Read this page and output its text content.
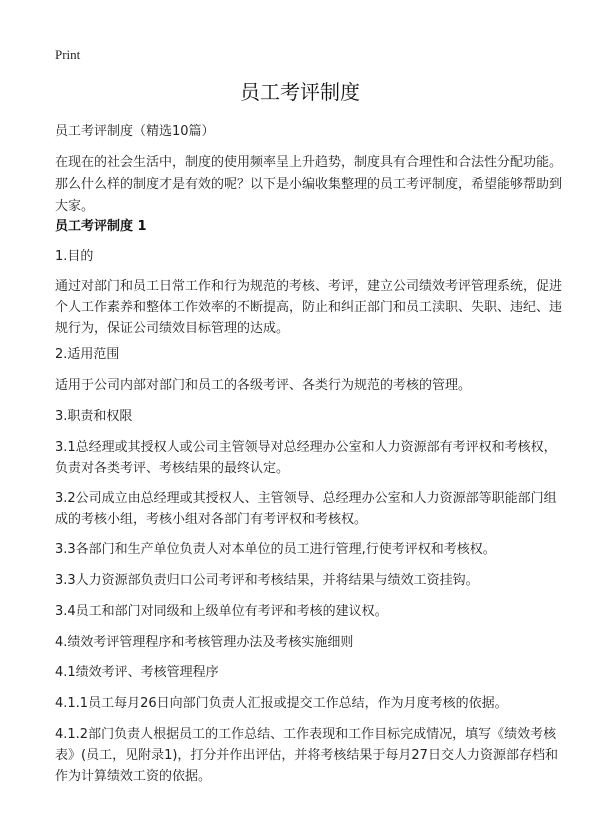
Print
员工考评制度

员工考评制度（精选10篇）

在现在的社会生活中，制度的使用频率呈上升趋势，制度具有合理性和合法性分配功能。那么什么样的制度才是有效的呢？以下是小编收集整理的员工考评制度，希望能够帮助到大家。

员工考评制度 1

1.目的

通过对部门和员工日常工作和行为规范的考核、考评，建立公司绩效考评管理系统，促进个人工作素养和整体工作效率的不断提高，防止和纠正部门和员工渎职、失职、违纪、违规行为，保证公司绩效目标管理的达成。

2.适用范围

适用于公司内部对部门和员工的各级考评、各类行为规范的考核的管理。

3.职责和权限

3.1总经理或其授权人或公司主管领导对总经理办公室和人力资源部有考评权和考核权，负责对各类考评、考核结果的最终认定。

3.2公司成立由总经理或其授权人、主管领导、总经理办公室和人力资源部等职能部门组成的考核小组，考核小组对各部门有考评权和考核权。

3.3各部门和生产单位负责人对本单位的员工进行管理,行使考评权和考核权。

3.3人力资源部负责归口公司考评和考核结果，并将结果与绩效工资挂钩。

3.4员工和部门对同级和上级单位有考评和考核的建议权。

4.绩效考评管理程序和考核管理办法及考核实施细则

4.1绩效考评、考核管理程序

4.1.1员工每月26日向部门负责人汇报或提交工作总结，作为月度考核的依据。

4.1.2部门负责人根据员工的工作总结、工作表现和工作目标完成情况，填写《绩效考核表》(员工，见附录1)，打分并作出评估，并将考核结果于每月27日交人力资源部存档和作为计算绩效工资的依据。
